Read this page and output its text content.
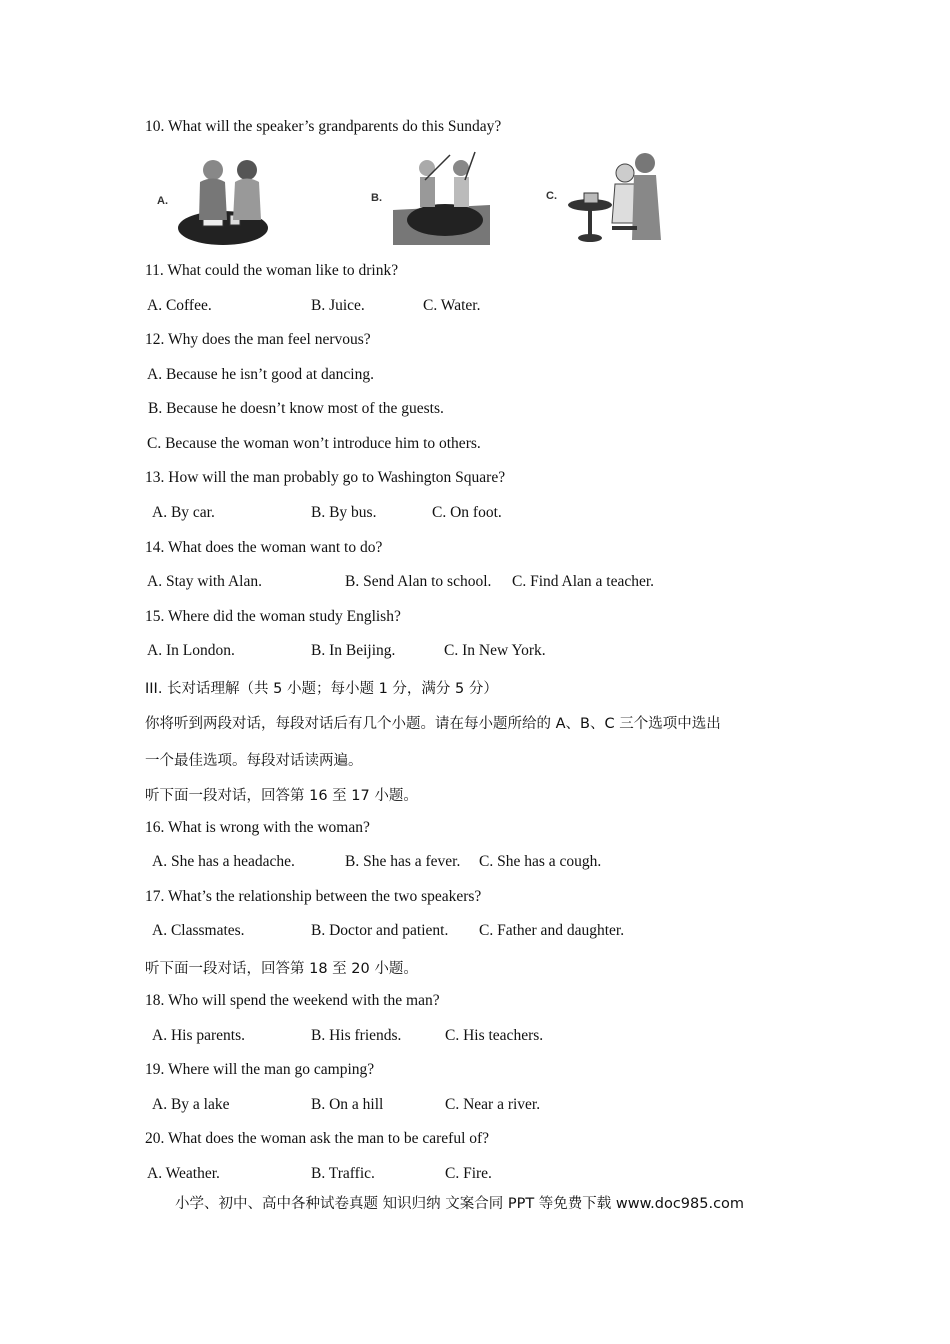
10. What will the speaker’s grandparents do this Sunday?
A.	B.	C.
11. What could the woman like to drink?
A. Coffee.	B. Juice.	C. Water.
12. Why does the man feel nervous?
A. Because he isn’t good at dancing.
B. Because he doesn’t know most of the guests.
C. Because the woman won’t introduce him to others.
13. How will the man probably go to Washington Square?
A. By car.	B. By bus.	C. On foot.
14. What does the woman want to do?
A. Stay with Alan.	B. Send Alan to school. C. Find Alan a teacher.
15. Where did the woman study English?
A. In London.	B. In Beijing.	C. In New York.
III. 长对话理解（共 5 小题；每小题 1 分，满分 5 分）
你将听到两段对话，每段对话后有几个小题。请在每小题所给的 A、B、C 三个选项中选出
一个最佳选项。每段对话读两遍。
听下面一段对话，回答第 16 至 17 小题。
16. What is wrong with the woman?
A. She has a headache.	B. She has a fever. C. She has a cough.
17. What’s the relationship between the two speakers?
A. Classmates.	B. Doctor and patient. C. Father and daughter.
听下面一段对话，回答第 18 至 20 小题。
18. Who will spend the weekend with the man?
A. His parents.	B. His friends.	C. His teachers.
19. Where will the man go camping?
A. By a lake	B. On a hill	C. Near a river.
20. What does the woman ask the man to be careful of?
A. Weather.	B. Traffic.	C. Fire.
小学、初中、高中各种试卷真题 知识归纳 文案合同 PPT 等免费下载 www.doc985.com
